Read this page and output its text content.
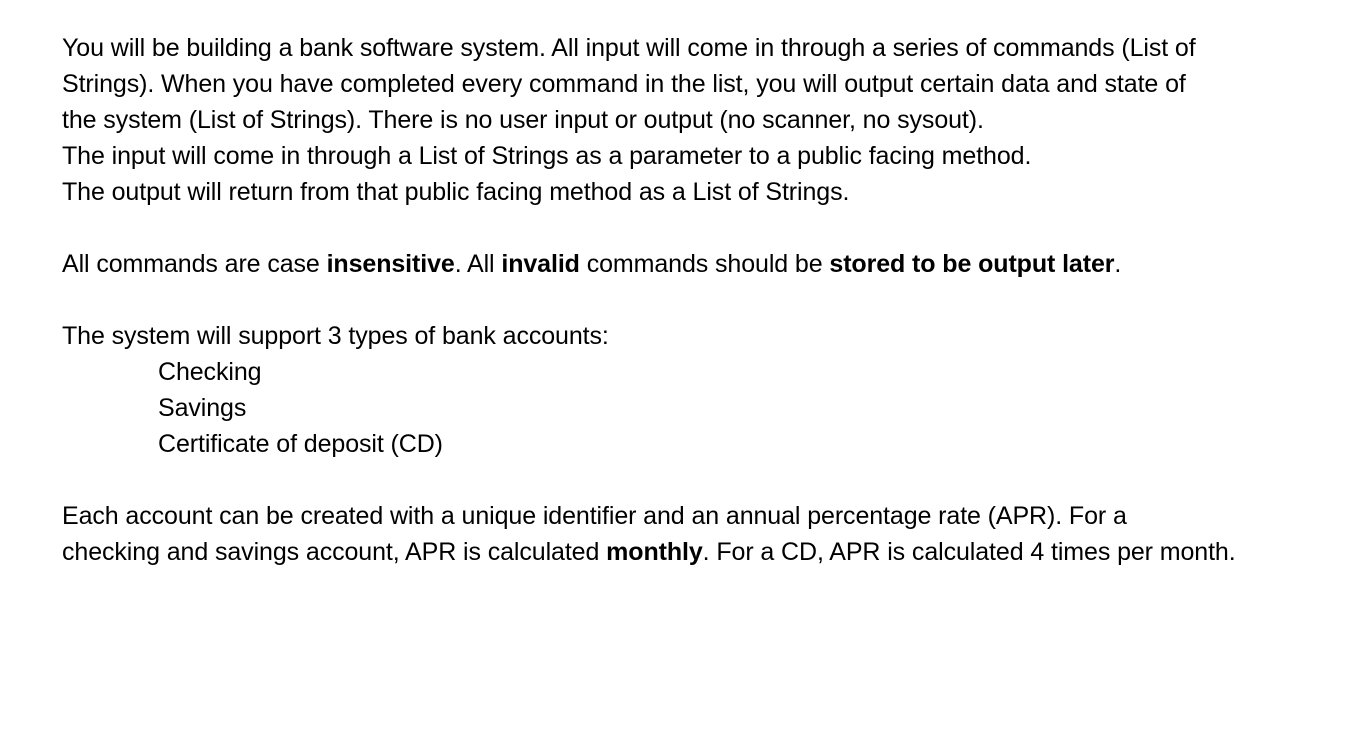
You will be building a bank software system. All input will come in through a series of commands (List of
Strings). When you have completed every command in the list, you will output certain data and state of
the system (List of Strings). There is no user input or output (no scanner, no sysout).
The input will come in through a List of Strings as a parameter to a public facing method.
The output will return from that public facing method as a List of Strings.
All commands are case insensitive. All invalid commands should be stored to be output later.
The system will support 3 types of bank accounts:
Checking
Savings
Certificate of deposit (CD)
Each account can be created with a unique identifier and an annual percentage rate (APR). For a
checking and savings account, APR is calculated monthly. For a CD, APR is calculated 4 times per month.
